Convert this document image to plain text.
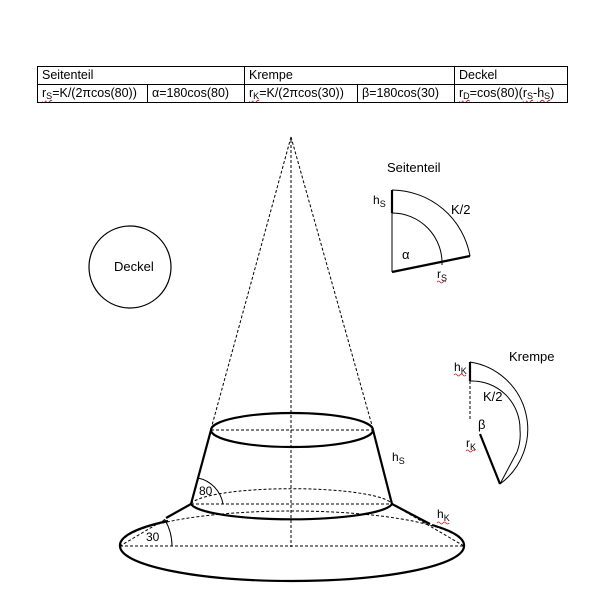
Seitenteil		Krempe		Deckel
$r_S=K/(2\pi\cos(80))$	α=180cos(80)	$r_K=K/(2\pi\cos(30))$	β=180cos(30)	$r_D=\cos(80)(r_S-h_S)$
Deckel
Seitenteil
$h_S$	K/2
α
$r_S$
Krempe
$h_K$
K/2
β
$r_K$
80
30
$h_S$
$h_K$
